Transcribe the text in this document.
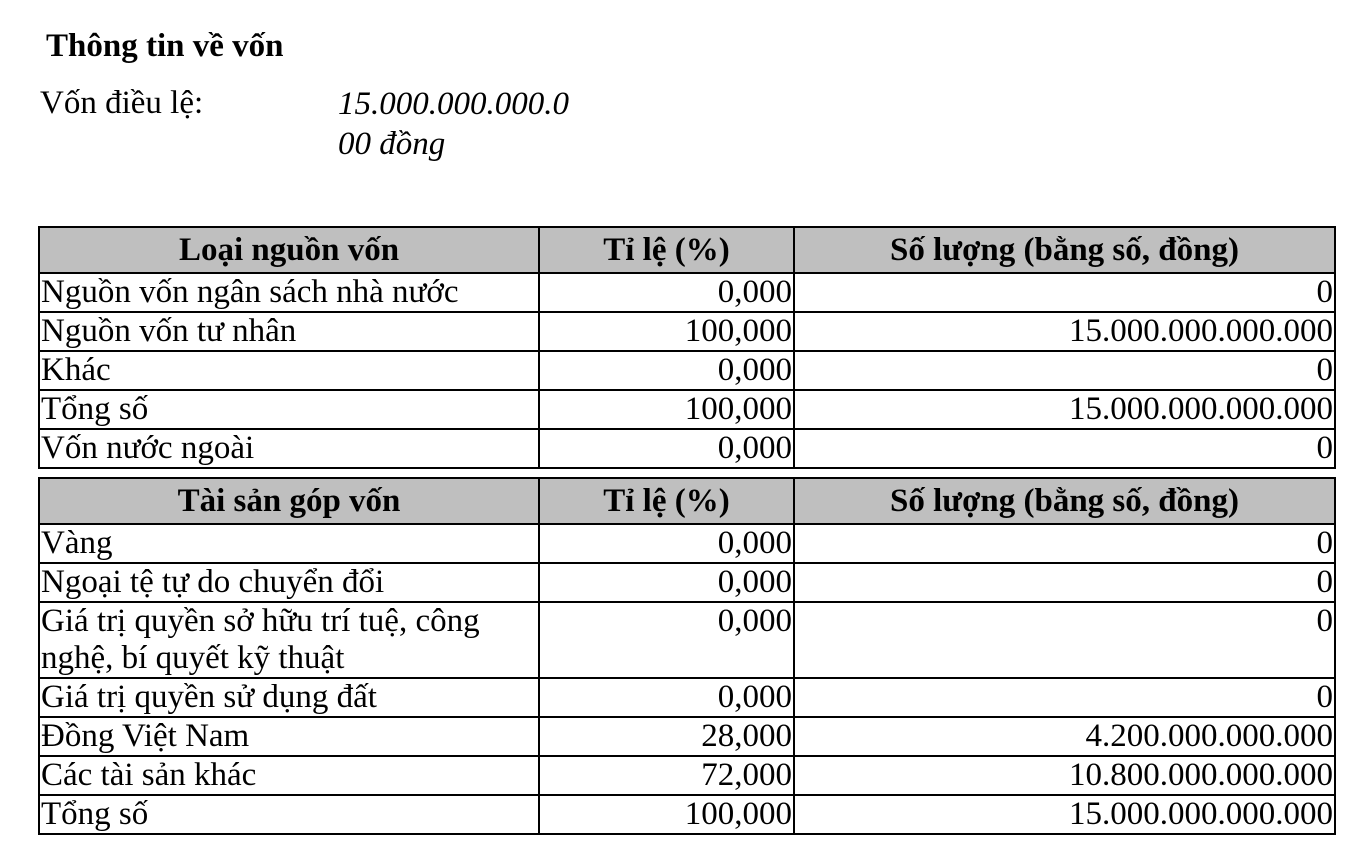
Thông tin về vốn
Vốn điều lệ:	15.000.000.000.0
00 đồng
Loại nguồn vốn	Tỉ lệ (%)	Số lượng (bằng số, đồng)
Nguồn vốn ngân sách nhà nước	0,000	0
Nguồn vốn tư nhân	100,000	15.000.000.000.000
Khác	0,000	0
Tổng số	100,000	15.000.000.000.000
Vốn nước ngoài	0,000	0
Tài sản góp vốn	Tỉ lệ (%)	Số lượng (bằng số, đồng)
Vàng	0,000	0
Ngoại tệ tự do chuyển đổi	0,000	0
Giá trị quyền sở hữu trí tuệ, công nghệ, bí quyết kỹ thuật	0,000	0
Giá trị quyền sử dụng đất	0,000	0
Đồng Việt Nam	28,000	4.200.000.000.000
Các tài sản khác	72,000	10.800.000.000.000
Tổng số	100,000	15.000.000.000.000
